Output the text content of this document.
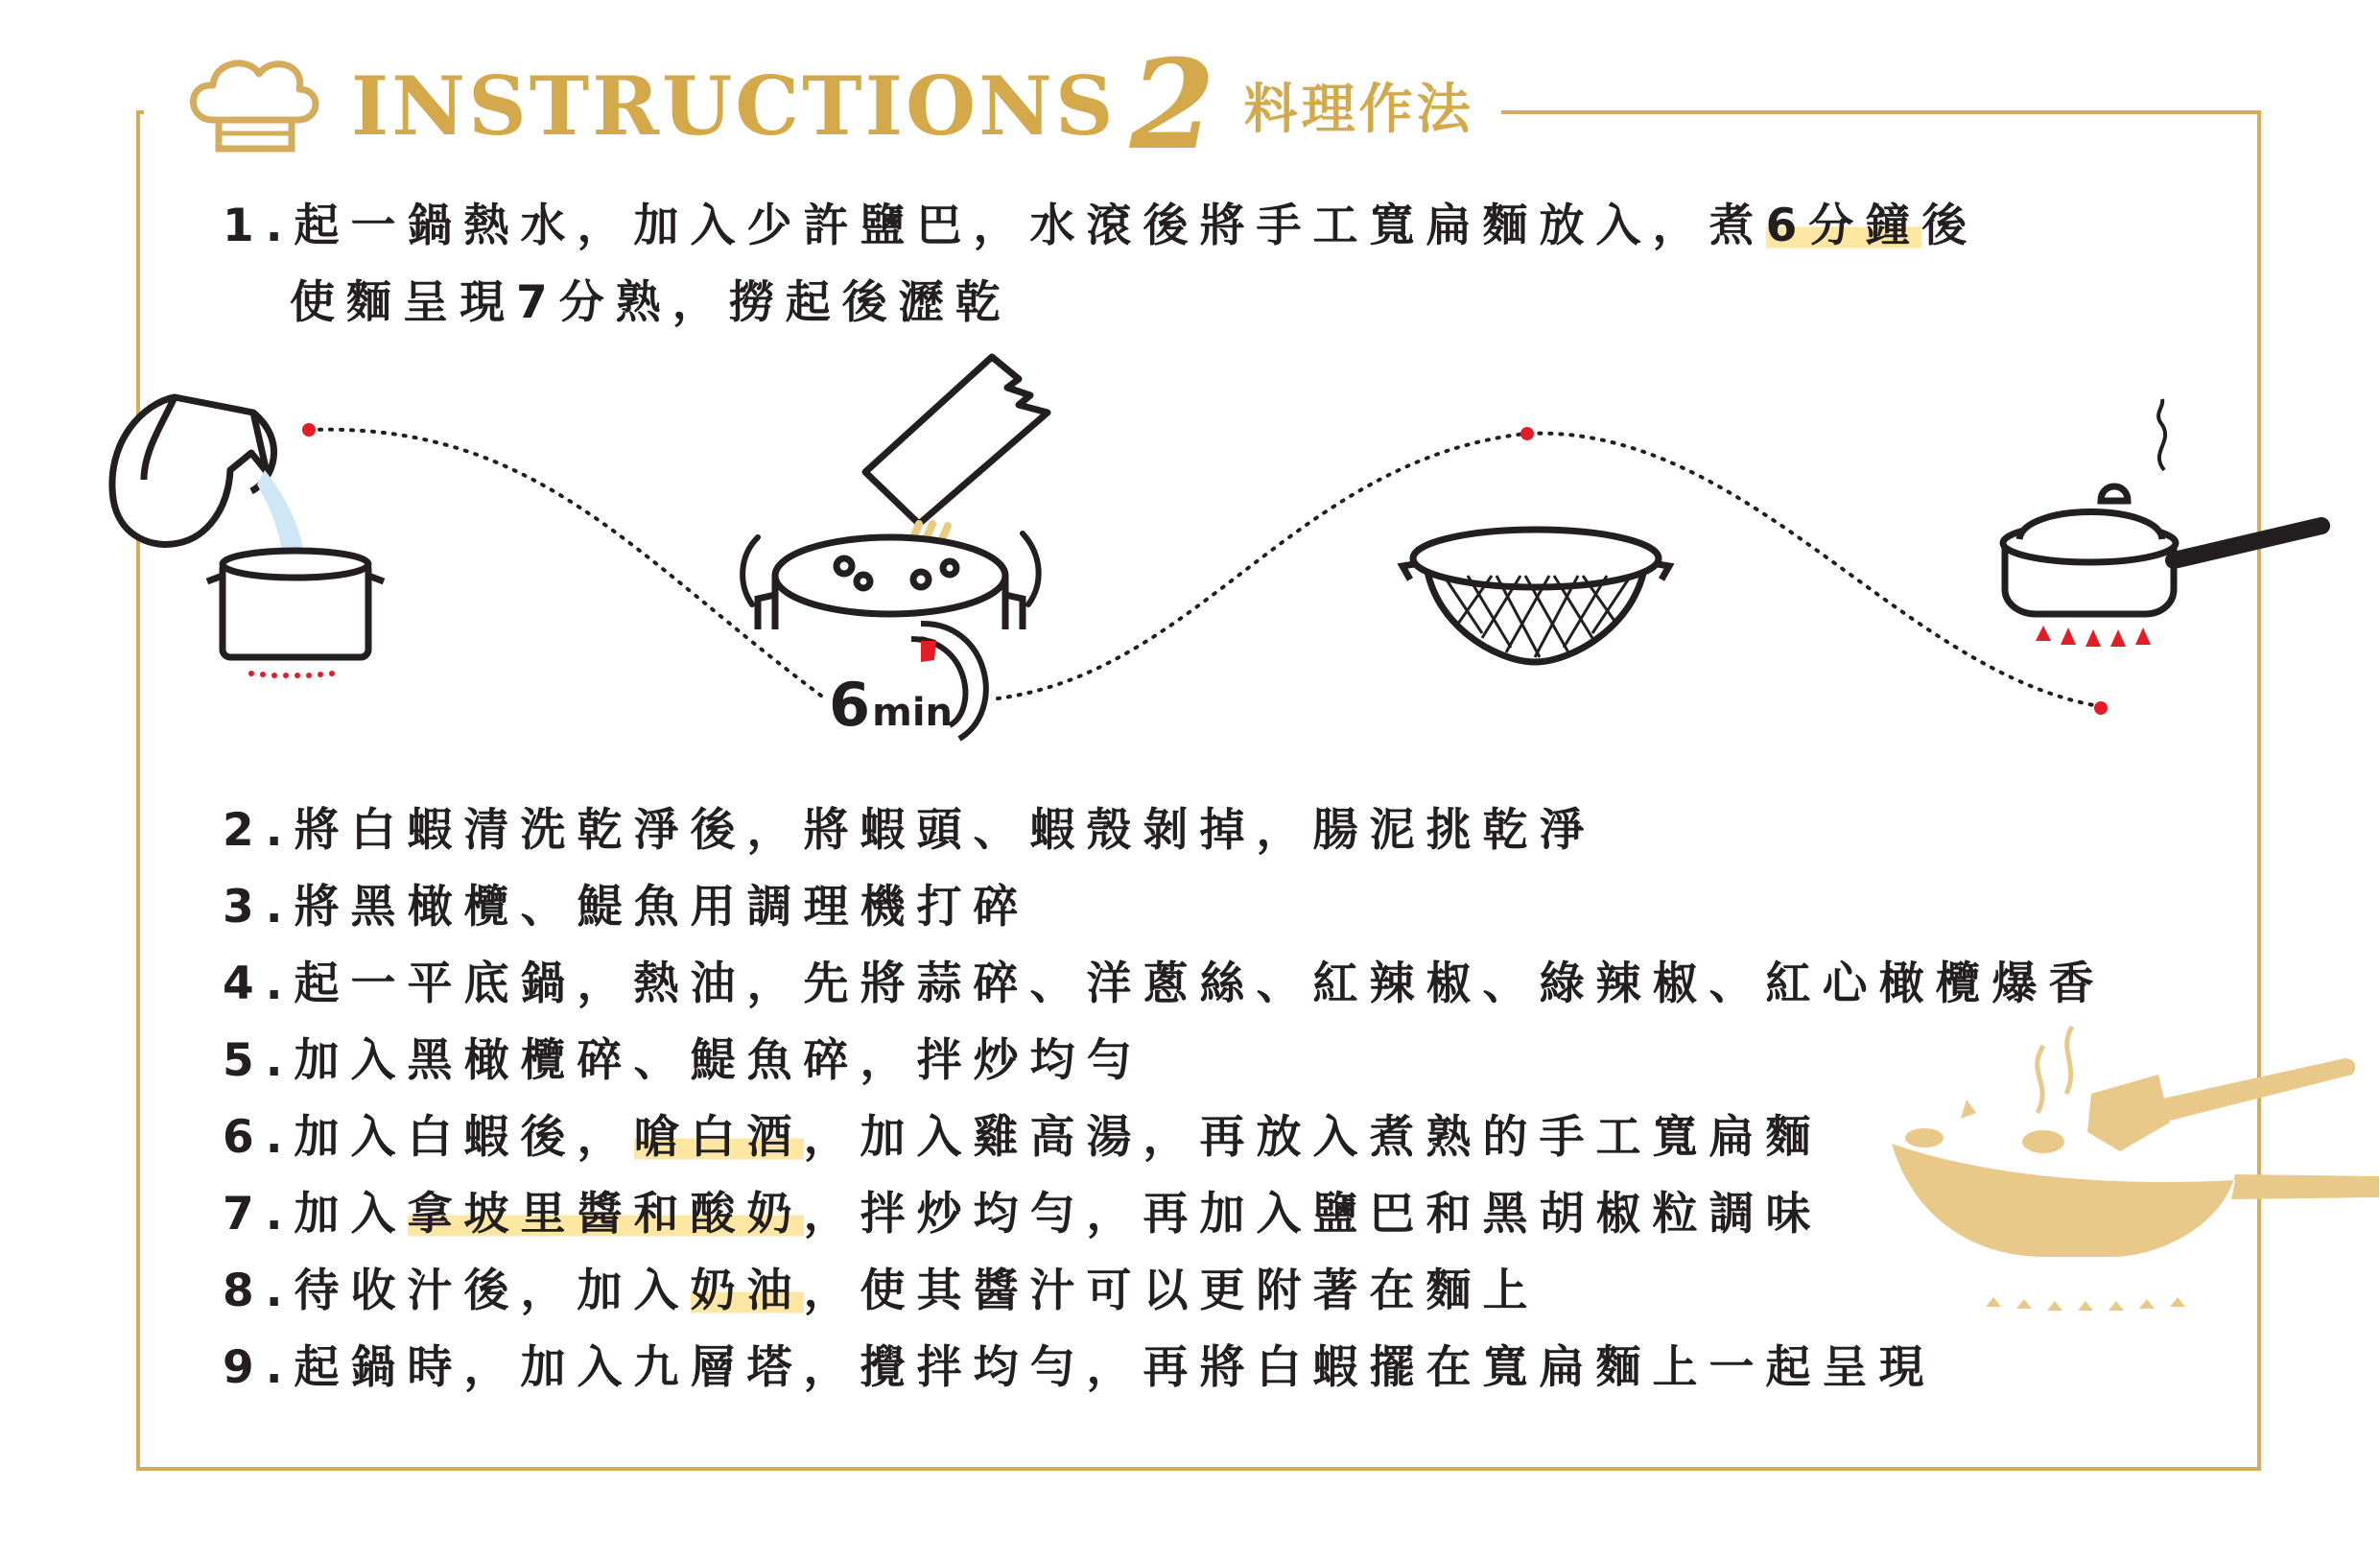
INSTRUCTIONS 2 料理作法
1.起一鍋熱水，加入少許鹽巴，水滾後將手工寬扁麵放入，煮6分鐘後
使麵呈現7分熟，撈起後瀝乾
6min
2.將白蝦清洗乾淨後，將蝦頭、蝦殼剝掉，腸泥挑乾淨
3.將黑橄欖、鯷魚用調理機打碎
4.起一平底鍋，熱油，先將蒜碎、洋蔥絲、紅辣椒、綠辣椒、紅心橄欖爆香
5.加入黑橄欖碎、鯷魚碎，拌炒均勻
6.加入白蝦後，嗆白酒，加入雞高湯，再放入煮熟的手工寬扁麵
7.加入拿坡里醬和酸奶，拌炒均勻，再加入鹽巴和黑胡椒粒調味
8.待收汁後，加入奶油，使其醬汁可以更附著在麵上
9.起鍋時，加入九層塔，攪拌均勻，再將白蝦擺在寬扁麵上一起呈現
